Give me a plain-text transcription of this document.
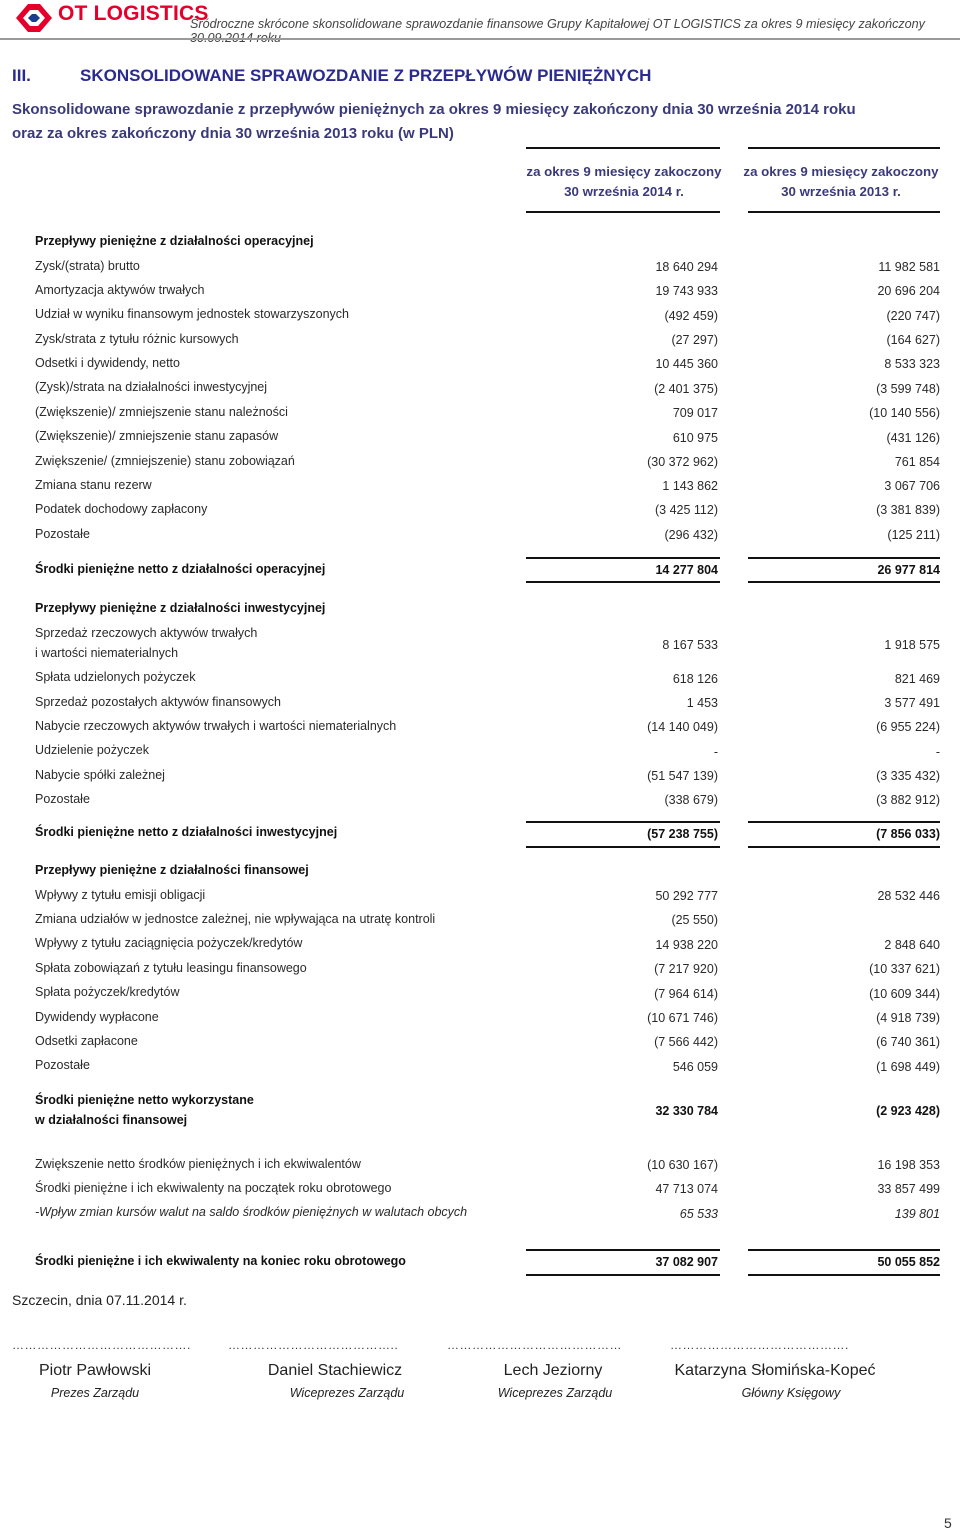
OT LOGISTICS
Śródroczne skrócone skonsolidowane sprawozdanie finansowe Grupy Kapitałowej OT LOGISTICS za okres 9 miesięcy zakończony
III.	SKONSOLIDOWANE SPRAWOZDANIE Z PRZEPŁYWÓW PIENIĘŻNYCH
Skonsolidowane sprawozdanie z przepływów pieniężnych za okres 9 miesięcy zakończony dnia 30 września 2014 roku
oraz za okres zakończony dnia 30 września 2013 roku (w PLN)
za okres 9 miesięcy zakoczony
30 września 2014 r.
za okres 9 miesięcy zakoczony
30 września 2013 r.
Przepływy pieniężne z działalności operacyjnej
Zysk/(strata) brutto	18 640 294	11 982 581
Amortyzacja aktywów trwałych	19 743 933	20 696 204
Udział w wyniku finansowym jednostek stowarzyszonych	(492 459)	(220 747)
Zysk/strata z tytułu różnic kursowych	(27 297)	(164 627)
Odsetki i dywidendy, netto	10 445 360	8 533 323
(Zysk)/strata na działalności inwestycyjnej	(2 401 375)	(3 599 748)
(Zwiększenie)/ zmniejszenie stanu należności	709 017	(10 140 556)
(Zwiększenie)/ zmniejszenie stanu zapasów	610 975	(431 126)
Zwiększenie/ (zmniejszenie) stanu zobowiązań	(30 372 962)	761 854
Zmiana stanu rezerw	1 143 862	3 067 706
Podatek dochodowy zapłacony	(3 425 112)	(3 381 839)
Pozostałe	(296 432)	(125 211)
Środki pieniężne netto z działalności operacyjnej	14 277 804	26 977 814
Przepływy pieniężne z działalności inwestycyjnej
Sprzedaż rzeczowych aktywów trwałych
i wartości niematerialnych
8 167 533	1 918 575
Spłata udzielonych pożyczek	618 126	821 469
Sprzedaż pozostałych aktywów finansowych	1 453	3 577 491
Nabycie rzeczowych aktywów trwałych i wartości niematerialnych	(14 140 049)	(6 955 224)
Udzielenie pożyczek	-	-
Nabycie spółki zależnej	(51 547 139)	(3 335 432)
Pozostałe	(338 679)	(3 882 912)
Środki pieniężne netto z działalności inwestycyjnej	(57 238 755)	(7 856 033)
Przepływy pieniężne z działalności finansowej
Wpływy z tytułu emisji obligacji	50 292 777	28 532 446
Zmiana udziałów w jednostce zależnej, nie wpływająca na utratę kontroli	(25 550)
Wpływy z tytułu zaciągnięcia pożyczek/kredytów	14 938 220	2 848 640
Spłata zobowiązań z tytułu leasingu finansowego	(7 217 920)	(10 337 621)
Spłata pożyczek/kredytów	(7 964 614)	(10 609 344)
Dywidendy wypłacone	(10 671 746)	(4 918 739)
Odsetki zapłacone	(7 566 442)	(6 740 361)
Pozostałe	546 059	(1 698 449)
Środki pieniężne netto wykorzystane
w działalności finansowej
32 330 784	(2 923 428)
Zwiększenie netto środków pieniężnych i ich ekwiwalentów	(10 630 167)	16 198 353
Środki pieniężne i ich ekwiwalenty na początek roku obrotowego	47 713 074	33 857 499
-Wpływ zmian kursów walut na saldo środków pieniężnych w walutach obcych	65 533	139 801
Środki pieniężne i ich ekwiwalenty na koniec roku obrotowego	37 082 907	50 055 852
Szczecin, dnia 07.11.2014 r.
…………………………………….	…………………………………..	……………………………………	…………………………………….
Piotr Pawłowski
Prezes Zarządu
Daniel Stachiewicz
Wiceprezes Zarządu
Lech Jeziorny
Wiceprezes Zarządu
Katarzyna Słomińska-Kopeć
Główny Księgowy
5
